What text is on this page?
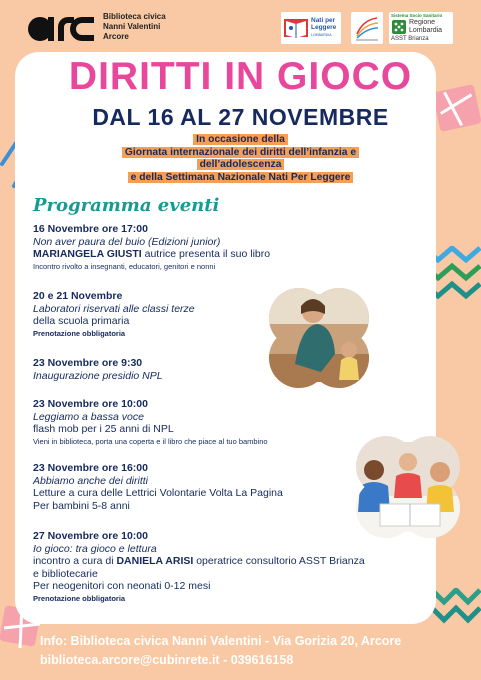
Biblioteca civica
Nanni Valentini
Arcore
Nati per
Leggere
LOMBARDIA
Sistema Socio Sanitario
Regione
Lombardia
ASST Brianza
DIRITTI IN GIOCO
DAL 16 AL 27 NOVEMBRE
In occasione della
Giornata internazionale dei diritti dell’infanzia e
dell’adolescenza
e della Settimana Nazionale Nati Per Leggere
Programma eventi
16 Novembre ore 17:00
Non aver paura del buio (Edizioni junior)
MARIANGELA GIUSTI autrice presenta il suo libro
Incontro rivolto a insegnanti, educatori, genitori e nonni
20 e 21 Novembre
Laboratori riservati alle classi terze
della scuola primaria
Prenotazione obbligatoria
23 Novembre ore 9:30
Inaugurazione presidio NPL
23 Novembre ore 10:00
Leggiamo a bassa voce
flash mob per i 25 anni di NPL
Vieni in biblioteca, porta una coperta e il libro che piace al tuo bambino
23 Novembre ore 16:00
Abbiamo anche dei diritti
Letture a cura delle Lettrici Volontarie Volta La Pagina
Per bambini 5-8 anni
27 Novembre ore 10:00
Io gioco: tra gioco e lettura
incontro a cura di DANIELA ARISI operatrice consultorio ASST Brianza
e bibliotecarie
Per neogenitori con neonati 0-12 mesi
Prenotazione obbligatoria
Info: Biblioteca civica Nanni Valentini - Via Gorizia 20, Arcore
biblioteca.arcore@cubinrete.it - 039616158
